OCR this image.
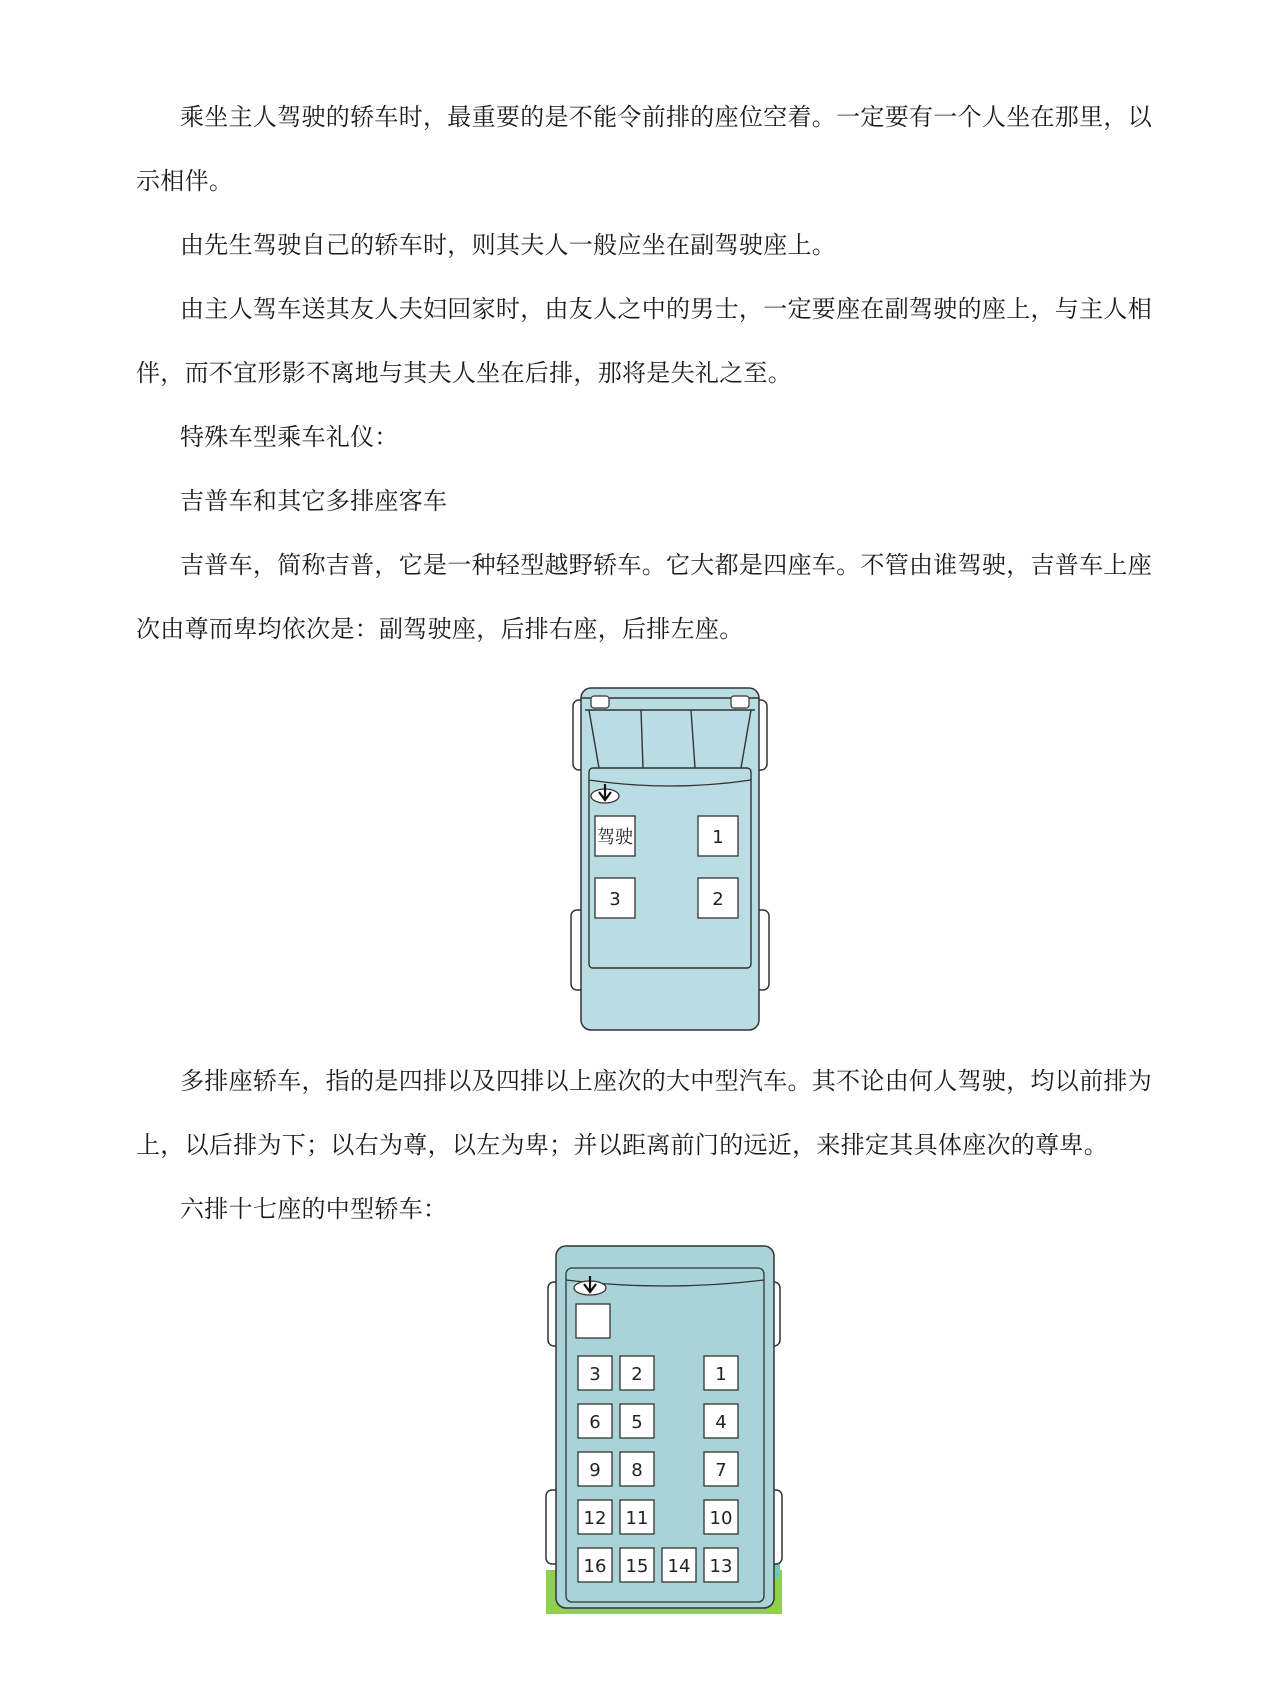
乘坐主人驾驶的轿车时，最重要的是不能令前排的座位空着。一定要有一个人坐在那里，以

示相伴。

由先生驾驶自己的轿车时，则其夫人一般应坐在副驾驶座上。

由主人驾车送其友人夫妇回家时，由友人之中的男士，一定要座在副驾驶的座上，与主人相

伴，而不宜形影不离地与其夫人坐在后排，那将是失礼之至。

特殊车型乘车礼仪：

吉普车和其它多排座客车

吉普车，简称吉普，它是一种轻型越野轿车。它大都是四座车。不管由谁驾驶，吉普车上座

次由尊而卑均依次是：副驾驶座，后排右座，后排左座。

驾驶	1
3	2

多排座轿车，指的是四排以及四排以上座次的大中型汽车。其不论由何人驾驶，均以前排为

上，以后排为下；以右为尊，以左为卑；并以距离前门的远近，来排定其具体座次的尊卑。

六排十七座的中型轿车：

3 2	1
6 5	4
9 8	7
12 11	10
16 15 14 13
